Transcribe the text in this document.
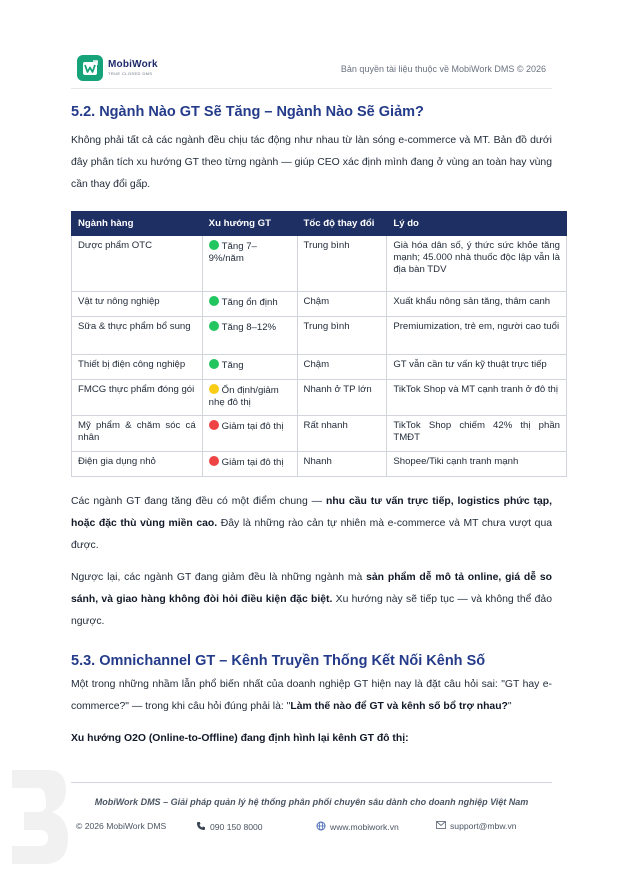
MobiWork
TRUE CLOSED DMS	Bản quyền tài liệu thuộc về MobiWork DMS © 2026
5.2. Ngành Nào GT Sẽ Tăng – Ngành Nào Sẽ Giảm?

Không phải tất cả các ngành đều chịu tác động như nhau từ làn sóng e-commerce và MT. Bản đồ dưới đây phân tích xu hướng GT theo từng ngành — giúp CEO xác định mình đang ở vùng an toàn hay vùng cần thay đổi gấp.

Ngành hàng	Xu hướng GT	Tốc độ thay đổi	Lý do
Dược phẩm OTC	Tăng 7–9%/năm	Trung bình	Già hóa dân số, ý thức sức khỏe tăng mạnh; 45.000 nhà thuốc độc lập vẫn là địa bàn TDV
Vật tư nông nghiệp	Tăng ổn định	Chậm	Xuất khẩu nông sản tăng, thâm canh
Sữa & thực phẩm bổ sung	Tăng 8–12%	Trung bình	Premiumization, trẻ em, người cao tuổi
Thiết bị điện công nghiệp	Tăng	Chậm	GT vẫn cần tư vấn kỹ thuật trực tiếp
FMCG thực phẩm đóng gói	Ổn định/giảm nhẹ đô thị	Nhanh ở TP lớn	TikTok Shop và MT cạnh tranh ở đô thị
Mỹ phẩm & chăm sóc cá nhân	Giảm tại đô thị	Rất nhanh	TikTok Shop chiếm 42% thị phần TMĐT
Điện gia dụng nhỏ	Giảm tại đô thị	Nhanh	Shopee/Tiki cạnh tranh mạnh

Các ngành GT đang tăng đều có một điểm chung — nhu cầu tư vấn trực tiếp, logistics phức tạp, hoặc đặc thù vùng miền cao. Đây là những rào cản tự nhiên mà e-commerce và MT chưa vượt qua được.

Ngược lại, các ngành GT đang giảm đều là những ngành mà sản phẩm dễ mô tả online, giá dễ so sánh, và giao hàng không đòi hỏi điều kiện đặc biệt. Xu hướng này sẽ tiếp tục — và không thể đảo ngược.

5.3. Omnichannel GT – Kênh Truyền Thống Kết Nối Kênh Số

Một trong những nhầm lẫn phổ biến nhất của doanh nghiệp GT hiện nay là đặt câu hỏi sai: "GT hay e-commerce?" — trong khi câu hỏi đúng phải là: "Làm thế nào để GT và kênh số bổ trợ nhau?"

Xu hướng O2O (Online-to-Offline) đang định hình lại kênh GT đô thị:

MobiWork DMS – Giải pháp quản lý hệ thống phân phối chuyên sâu dành cho doanh nghiệp Việt Nam
© 2026 MobiWork DMS	090 150 8000	www.mobiwork.vn	support@mbw.vn
